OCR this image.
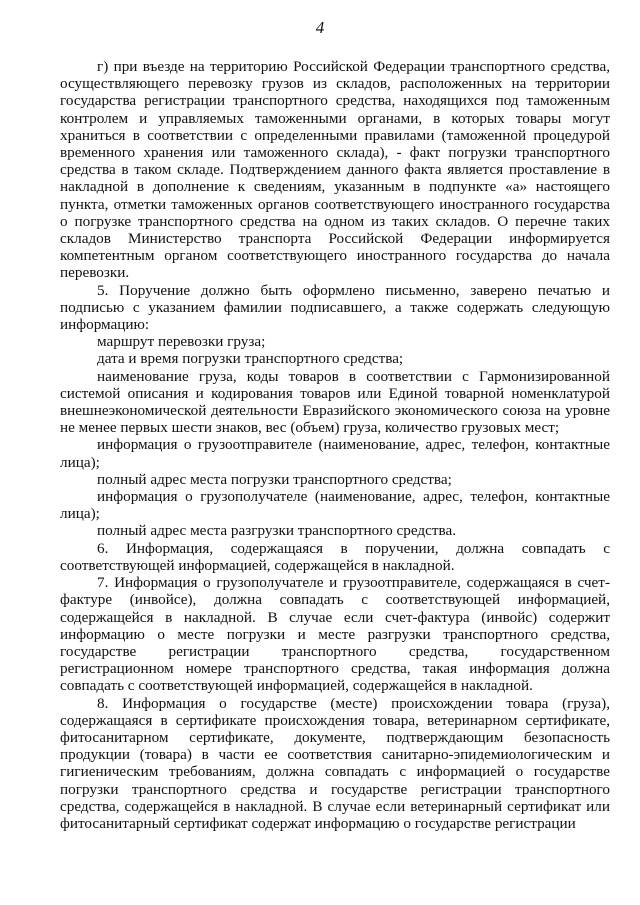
4

г) при въезде на территорию Российской Федерации транспортного средства, осуществляющего перевозку грузов из складов, расположенных на территории государства регистрации транспортного средства, находящихся под таможенным контролем и управляемых таможенными органами, в которых товары могут храниться в соответствии с определенными правилами (таможенной процедурой временного хранения или таможенного склада), - факт погрузки транспортного средства в таком складе. Подтверждением данного факта является проставление в накладной в дополнение к сведениям, указанным в подпункте «а» настоящего пункта, отметки таможенных органов соответствующего иностранного государства о погрузке транспортного средства на одном из таких складов. О перечне таких складов Министерство транспорта Российской Федерации информируется компетентным органом соответствующего иностранного государства до начала перевозки.

5. Поручение должно быть оформлено письменно, заверено печатью и подписью с указанием фамилии подписавшего, а также содержать следующую информацию:

маршрут перевозки груза;

дата и время погрузки транспортного средства;

наименование груза, коды товаров в соответствии с Гармонизированной системой описания и кодирования товаров или Единой товарной номенклатурой внешнеэкономической деятельности Евразийского экономического союза на уровне не менее первых шести знаков, вес (объем) груза, количество грузовых мест;

информация о грузоотправителе (наименование, адрес, телефон, контактные лица);

полный адрес места погрузки транспортного средства;

информация о грузополучателе (наименование, адрес, телефон, контактные лица);

полный адрес места разгрузки транспортного средства.

6. Информация, содержащаяся в поручении, должна совпадать с соответствующей информацией, содержащейся в накладной.

7. Информация о грузополучателе и грузоотправителе, содержащаяся в счет-фактуре (инвойсе), должна совпадать с соответствующей информацией, содержащейся в накладной. В случае если счет-фактура (инвойс) содержит информацию о месте погрузки и месте разгрузки транспортного средства, государстве регистрации транспортного средства, государственном регистрационном номере транспортного средства, такая информация должна совпадать с соответствующей информацией, содержащейся в накладной.

8. Информация о государстве (месте) происхождении товара (груза), содержащаяся в сертификате происхождения товара, ветеринарном сертификате, фитосанитарном сертификате, документе, подтверждающим безопасность продукции (товара) в части ее соответствия санитарно-эпидемиологическим и гигиеническим требованиям, должна совпадать с информацией о государстве погрузки транспортного средства и государстве регистрации транспортного средства, содержащейся в накладной. В случае если ветеринарный сертификат или фитосанитарный сертификат содержат информацию о государстве регистрации
